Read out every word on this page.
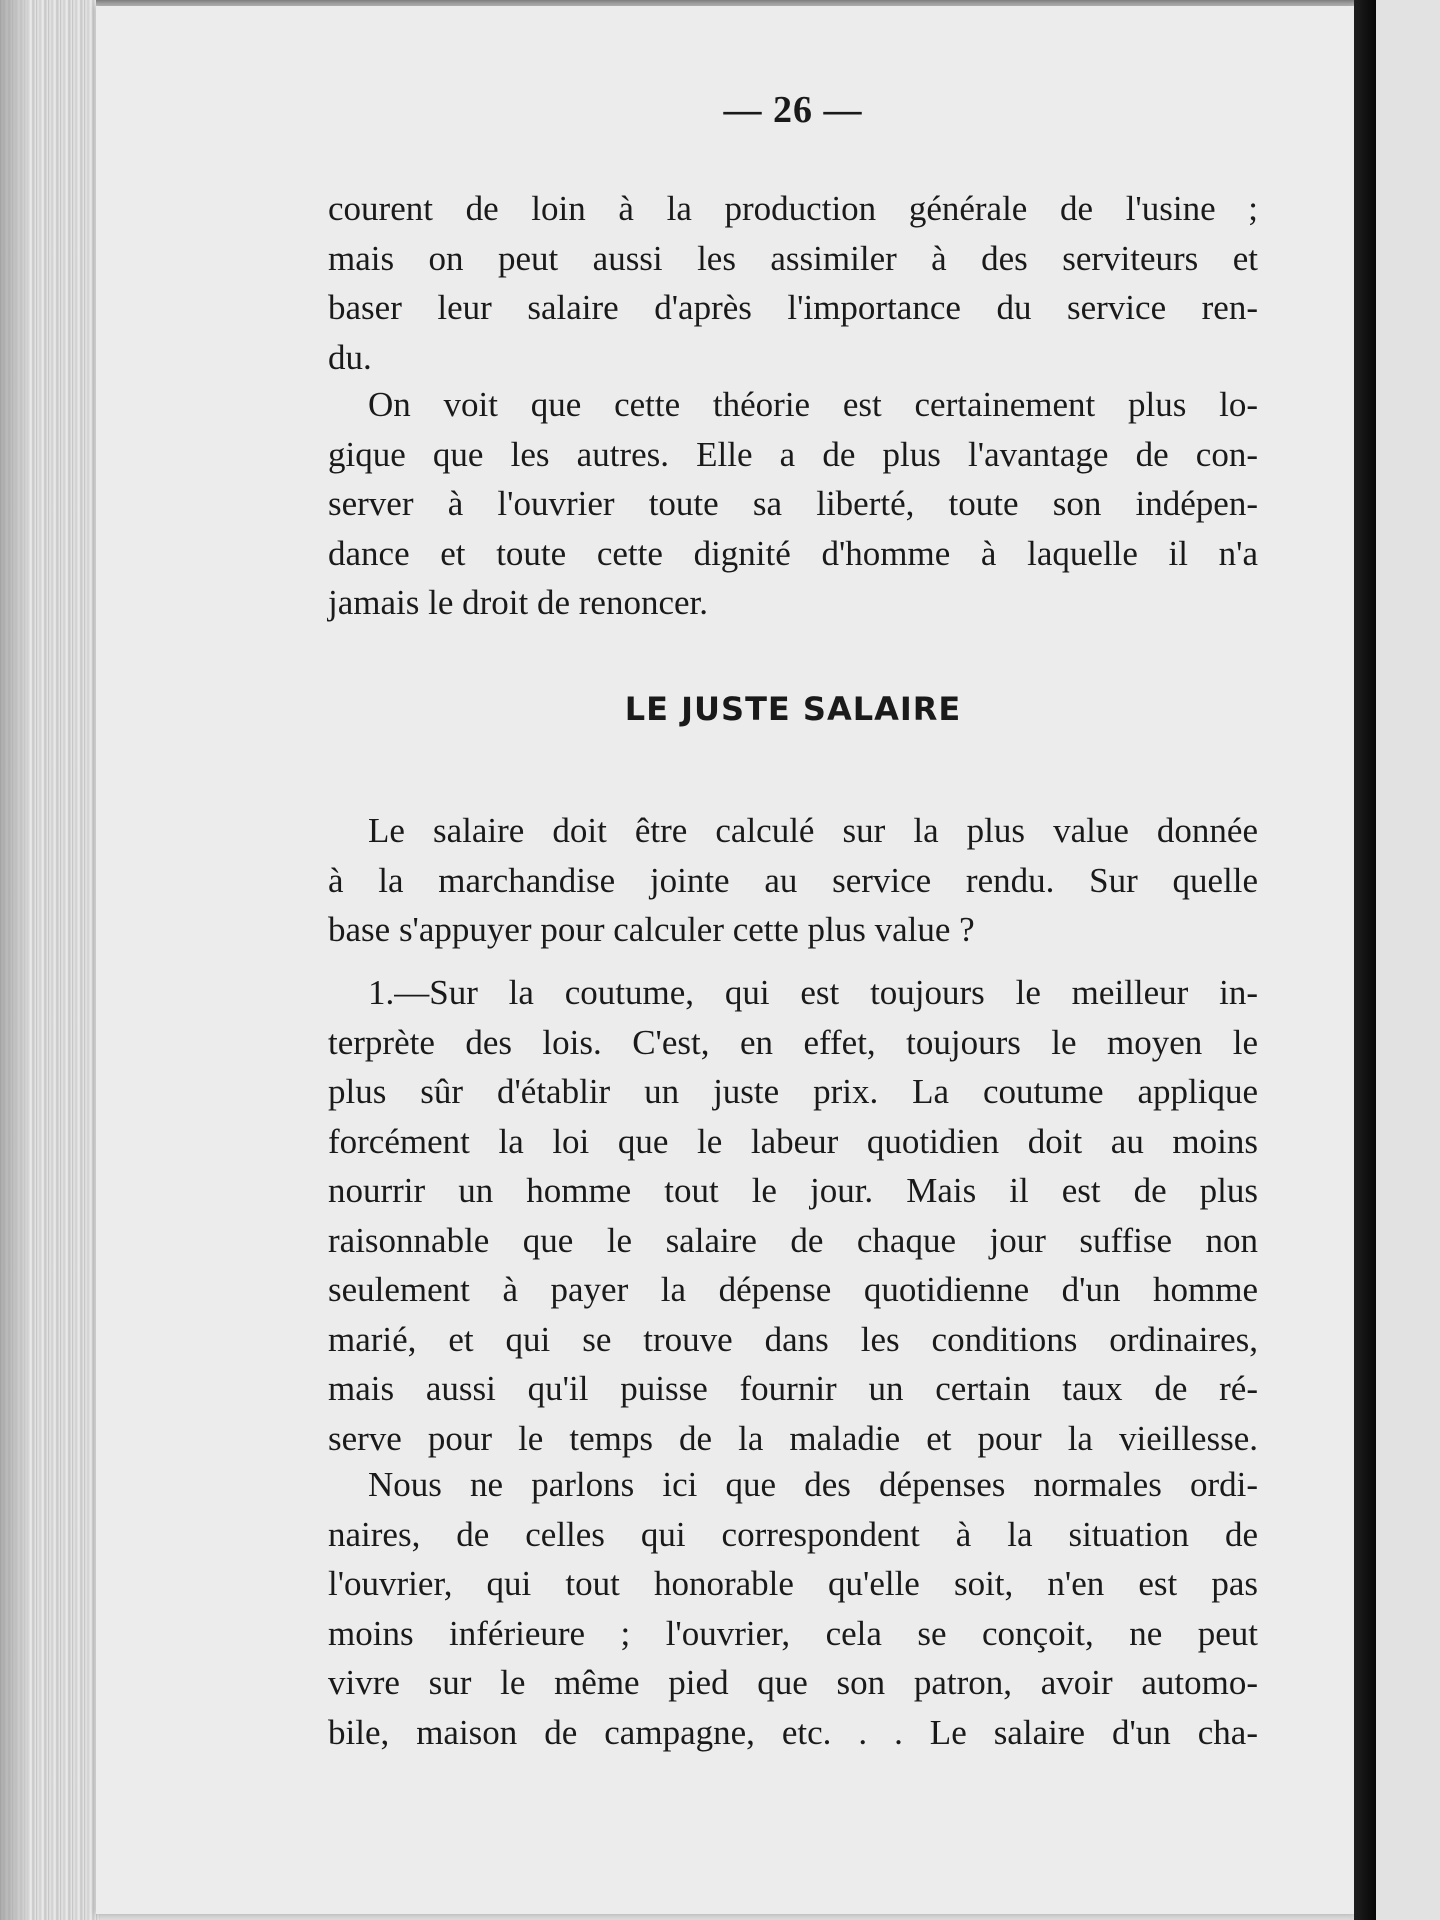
— 26 —

courent de loin à la production générale de l'usine ;
mais on peut aussi les assimiler à des serviteurs et
baser leur salaire d'après l'importance du service ren-
du.

On voit que cette théorie est certainement plus lo-
gique que les autres. Elle a de plus l'avantage de con-
server à l'ouvrier toute sa liberté, toute son indépen-
dance et toute cette dignité d'homme à laquelle il n'a
jamais le droit de renoncer.

LE JUSTE SALAIRE

Le salaire doit être calculé sur la plus value donnée
à la marchandise jointe au service rendu. Sur quelle
base s'appuyer pour calculer cette plus value ?

1.—Sur la coutume, qui est toujours le meilleur in-
terprète des lois. C'est, en effet, toujours le moyen le
plus sûr d'établir un juste prix. La coutume applique
forcément la loi que le labeur quotidien doit au moins
nourrir un homme tout le jour. Mais il est de plus
raisonnable que le salaire de chaque jour suffise non
seulement à payer la dépense quotidienne d'un homme
marié, et qui se trouve dans les conditions ordinaires,
mais aussi qu'il puisse fournir un certain taux de ré-
serve pour le temps de la maladie et pour la vieillesse.

Nous ne parlons ici que des dépenses normales ordi-
naires, de celles qui correspondent à la situation de
l'ouvrier, qui tout honorable qu'elle soit, n'en est pas
moins inférieure ; l'ouvrier, cela se conçoit, ne peut
vivre sur le même pied que son patron, avoir automo-
bile, maison de campagne, etc. . . Le salaire d'un cha-
